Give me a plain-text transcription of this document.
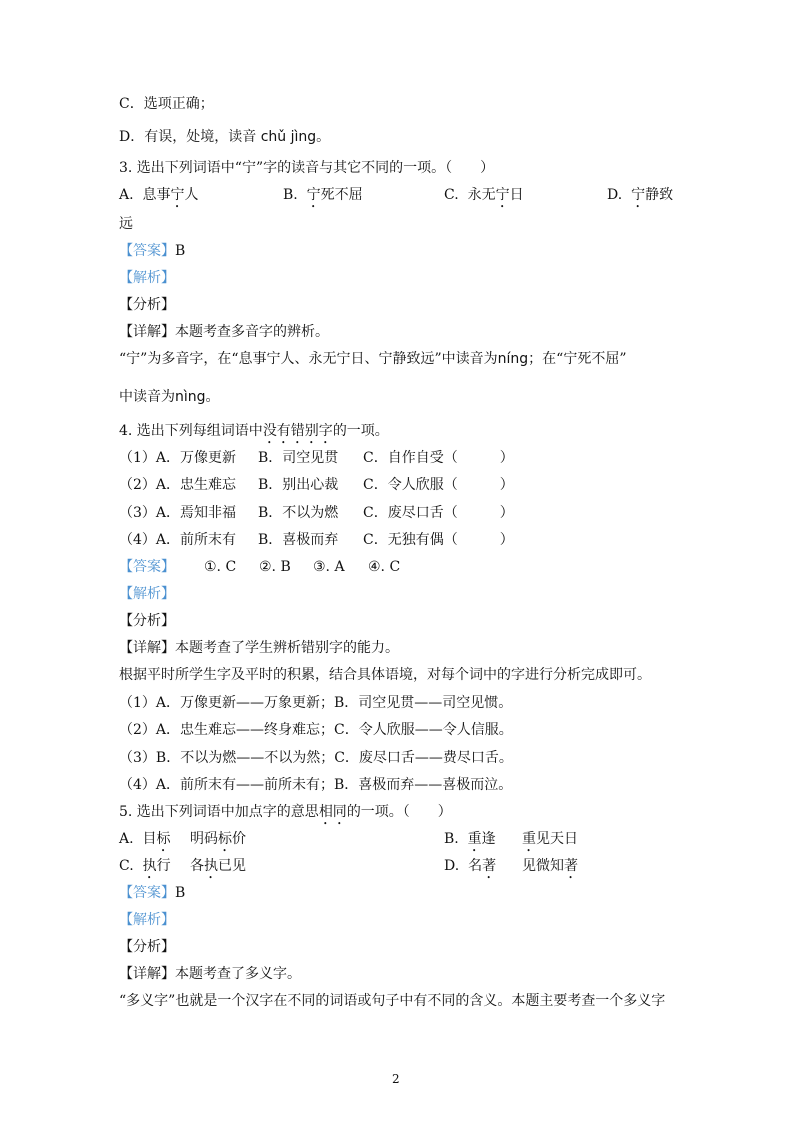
C．选项正确；
D．有误，处境，读音 chǔ jìng。
3. 选出下列词语中“宁”字的读音与其它不同的一项。（　　）
A. 息事宁人	B. 宁死不屈	C. 永无宁日	D. 宁静致
远
【答案】B
【解析】
【分析】
【详解】本题考查多音字的辨析。
“宁”为多音字，在“息事宁人、永无宁日、宁静致远”中读音为níng；在“宁死不屈”
中读音为nìng。
4. 选出下列每组词语中没有错别字的一项。
（1）A．万像更新 B．司空见贯 C．自作自受（　　　）
（2）A．忠生难忘 B．别出心裁 C．令人欣服（　　　）
（3）A．焉知非福 B．不以为燃 C．废尽口舌（　　　）
（4）A．前所末有 B．喜极而弃 C．无独有偶（　　　）
【答案】 ①. C ②. B ③. A ④. C
【解析】
【分析】
【详解】本题考查了学生辨析错别字的能力。
根据平时所学生字及平时的积累，结合具体语境，对每个词中的字进行分析完成即可。
（1）A．万像更新——万象更新；B．司空见贯——司空见惯。
（2）A．忠生难忘——终身难忘；C．令人欣服——令人信服。
（3）B．不以为燃——不以为然；C．废尽口舌——费尽口舌。
（4）A．前所末有——前所未有；B．喜极而弃——喜极而泣。
5. 选出下列词语中加点字的意思相同的一项。（　　）
A. 目标 明码标价	B. 重逢 重见天日
C. 执行 各执已见	D. 名著 见微知著
【答案】B
【解析】
【分析】
【详解】本题考查了多义字。
“多义字”也就是一个汉字在不同的词语或句子中有不同的含义。本题主要考查一个多义字
2
